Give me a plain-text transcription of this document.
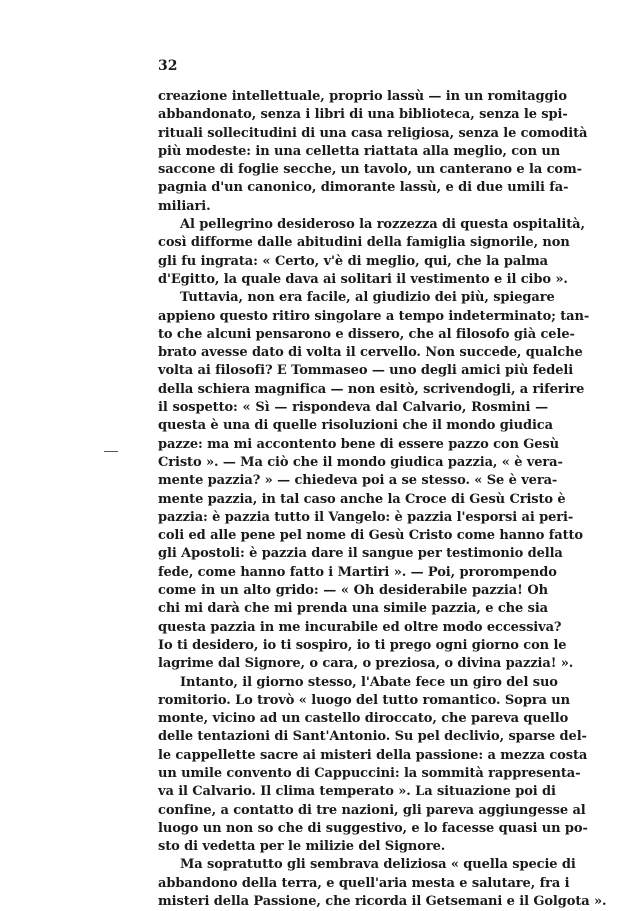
32
creazione intellettuale, proprio lassù — in un romitaggio
abbandonato, senza i libri di una biblioteca, senza le spi-
rituali sollecitudini di una casa religiosa, senza le comodità
più modeste: in una celletta riattata alla meglio, con un
saccone di foglie secche, un tavolo, un canterano e la com-
pagnia d'un canonico, dimorante lassù, e di due umili fa-
miliari.
Al pellegrino desideroso la rozzezza di questa ospitalità,
così difforme dalle abitudini della famiglia signorile, non
gli fu ingrata: « Certo, v'è di meglio, qui, che la palma
d'Egitto, la quale dava ai solitari il vestimento e il cibo ».
Tuttavia, non era facile, al giudizio dei più, spiegare
appieno questo ritiro singolare a tempo indeterminato; tan-
to che alcuni pensarono e dissero, che al filosofo già cele-
brato avesse dato di volta il cervello. Non succede, qualche
volta ai filosofi? E Tommaseo — uno degli amici più fedeli
della schiera magnifica — non esitò, scrivendogli, a riferire
il sospetto: « Sì — rispondeva dal Calvario, Rosmini —
questa è una di quelle risoluzioni che il mondo giudica
pazze: ma mi accontento bene di essere pazzo con Gesù
Cristo ». — Ma ciò che il mondo giudica pazzia, « è vera-
mente pazzia? » — chiedeva poi a se stesso. « Se è vera-
mente pazzia, in tal caso anche la Croce di Gesù Cristo è
pazzia: è pazzia tutto il Vangelo: è pazzia l'esporsi ai peri-
coli ed alle pene pel nome di Gesù Cristo come hanno fatto
gli Apostoli: è pazzia dare il sangue per testimonio della
fede, come hanno fatto i Martiri ». — Poi, prorompendo
come in un alto grido: — « Oh desiderabile pazzia! Oh
chi mi darà che mi prenda una simile pazzia, e che sia
questa pazzia in me incurabile ed oltre modo eccessiva?
Io ti desidero, io ti sospiro, io ti prego ogni giorno con le
lagrime dal Signore, o cara, o preziosa, o divina pazzia! ».
Intanto, il giorno stesso, l'Abate fece un giro del suo
romitorio. Lo trovò « luogo del tutto romantico. Sopra un
monte, vicino ad un castello diroccato, che pareva quello
delle tentazioni di Sant'Antonio. Su pel declivio, sparse del-
le cappellette sacre ai misteri della passione: a mezza costa
un umile convento di Cappuccini: la sommità rappresenta-
va il Calvario. Il clima temperato ». La situazione poi di
confine, a contatto di tre nazioni, gli pareva aggiungesse al
luogo un non so che di suggestivo, e lo facesse quasi un po-
sto di vedetta per le milizie del Signore.
Ma sopratutto gli sembrava deliziosa « quella specie di
abbandono della terra, e quell'aria mesta e salutare, fra i
misteri della Passione, che ricorda il Getsemani e il Golgota ».
